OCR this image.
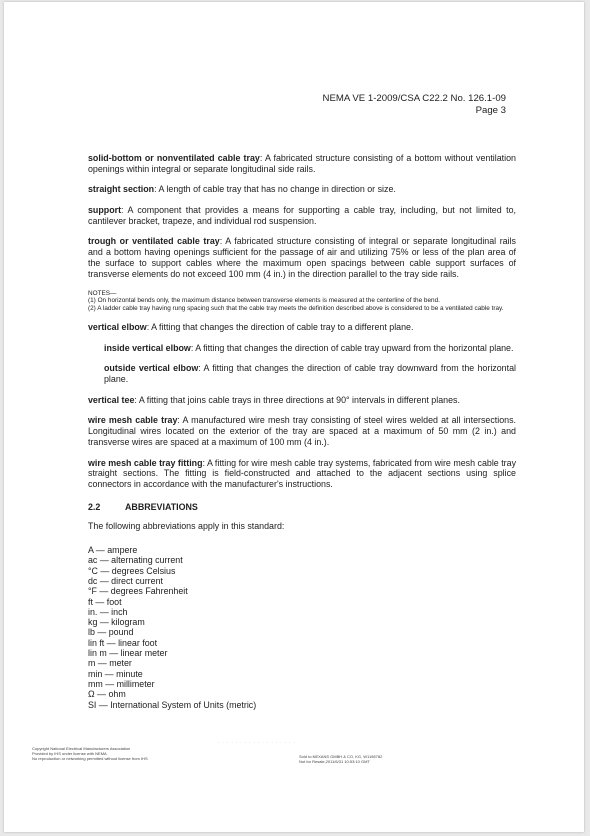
NEMA VE 1-2009/CSA C22.2 No. 126.1-09
Page 3

solid-bottom or nonventilated cable tray: A fabricated structure consisting of a bottom without ventilation openings within integral or separate longitudinal side rails.

straight section: A length of cable tray that has no change in direction or size.

support: A component that provides a means for supporting a cable tray, including, but not limited to, cantilever bracket, trapeze, and individual rod suspension.

trough or ventilated cable tray: A fabricated structure consisting of integral or separate longitudinal rails and a bottom having openings sufficient for the passage of air and utilizing 75% or less of the plan area of the surface to support cables where the maximum open spacings between cable support surfaces of transverse elements do not exceed 100 mm (4 in.) in the direction parallel to the tray side rails.

NOTES—
(1) On horizontal bends only, the maximum distance between transverse elements is measured at the centerline of the bend.
(2) A ladder cable tray having rung spacing such that the cable tray meets the definition described above is considered to be a ventilated cable tray.

vertical elbow: A fitting that changes the direction of cable tray to a different plane.

inside vertical elbow: A fitting that changes the direction of cable tray upward from the horizontal plane.

outside vertical elbow: A fitting that changes the direction of cable tray downward from the horizontal plane.

vertical tee: A fitting that joins cable trays in three directions at 90° intervals in different planes.

wire mesh cable tray: A manufactured wire mesh tray consisting of steel wires welded at all intersections. Longitudinal wires located on the exterior of the tray are spaced at a maximum of 50 mm (2 in.) and transverse wires are spaced at a maximum of 100 mm (4 in.).

wire mesh cable tray fitting: A fitting for wire mesh cable tray systems, fabricated from wire mesh cable tray straight sections. The fitting is field-constructed and attached to the adjacent sections using splice connectors in accordance with the manufacturer's instructions.

2.2	ABBREVIATIONS
The following abbreviations apply in this standard:
A — ampere
ac — alternating current
°C — degrees Celsius
dc — direct current
°F — degrees Fahrenheit
ft — foot
in. — inch
kg — kilogram
lb — pound
lin ft — linear foot
lin m — linear meter
m — meter
min — minute
mm — millimeter
Ω — ohm
SI — International System of Units (metric)
· · · · · · · · · · · · · · · · · ·
Copyright National Electrical Manufacturers Association
Provided by IHS under license with NEMA
No reproduction or networking permitted without license from IHS	Sold to:NEXANS GMBH & CO, KG, W1198782
Not for Resale,2011/6/31 10:53:10 GMT
